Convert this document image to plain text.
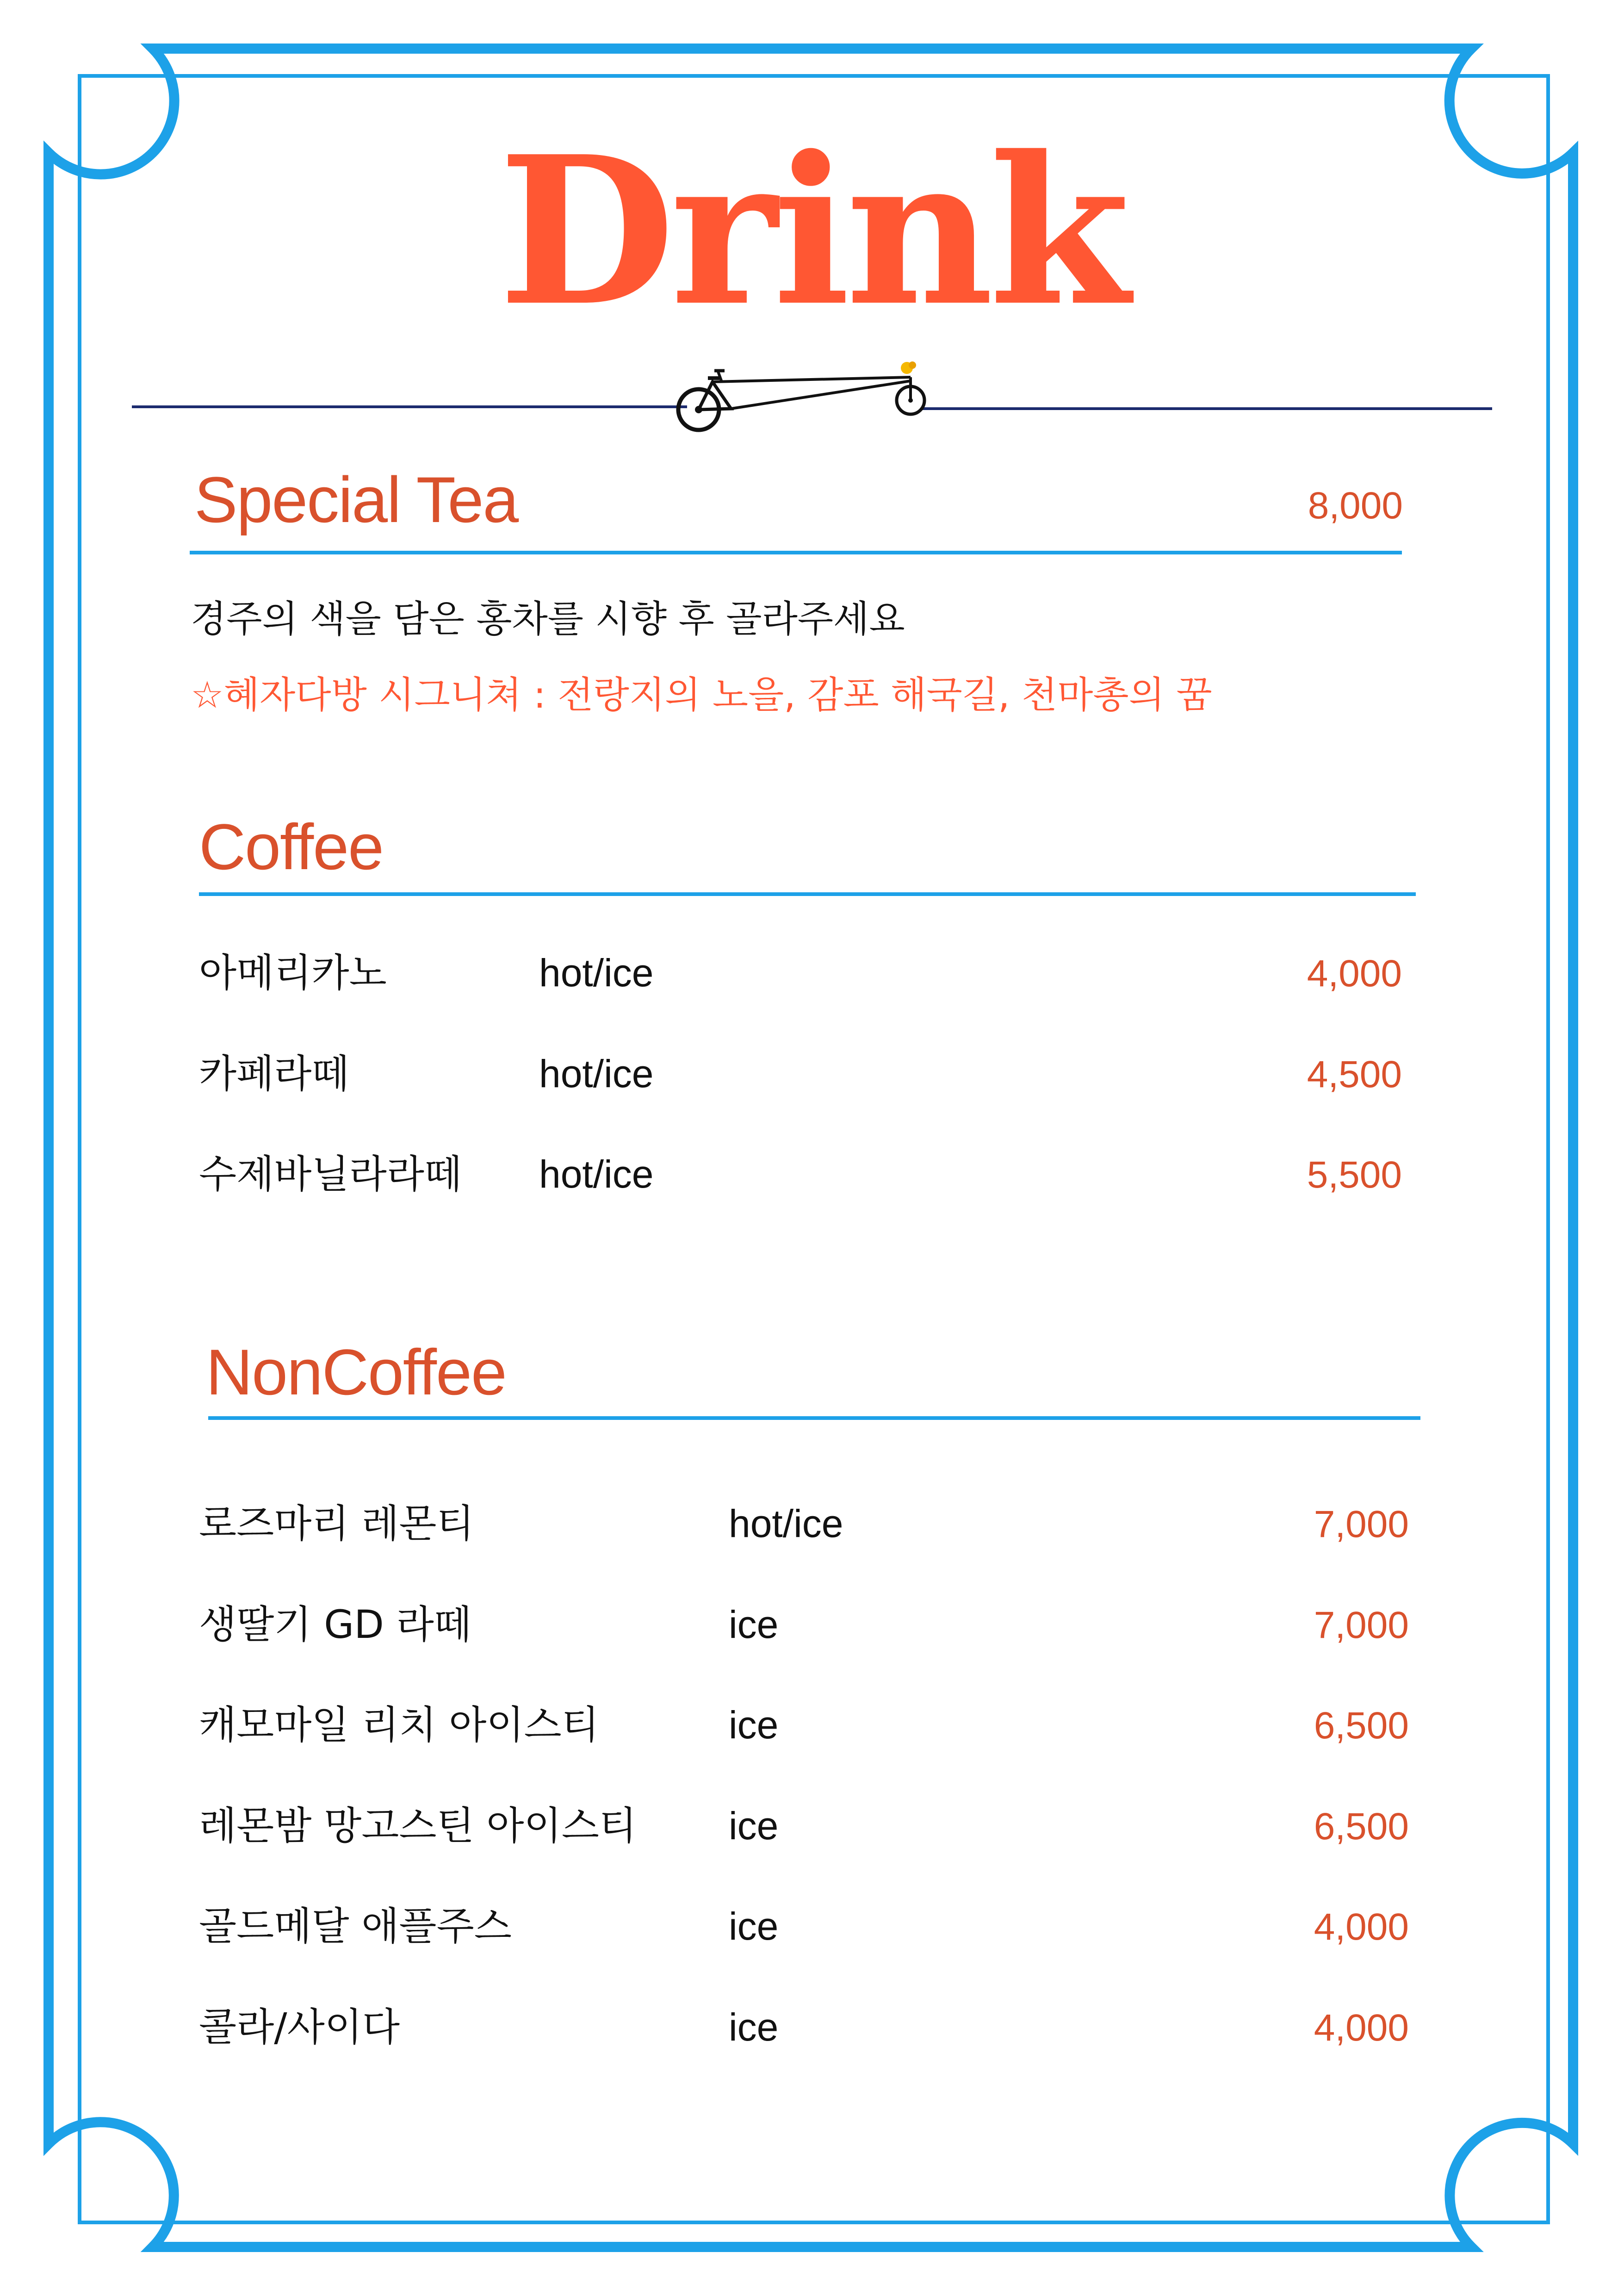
Drink
Special Tea	8,000
경주의 색을 담은 홍차를 시향 후 골라주세요
☆혜자다방 시그니쳐 : 전랑지의 노을, 감포 해국길, 천마총의 꿈
Coffee
아메리카노	hot/ice	4,000
카페라떼	hot/ice	4,500
수제바닐라라떼 hot/ice	5,500
NonCoffee
로즈마리 레몬티	hot/ice	7,000
생딸기 GD 라떼	ice	7,000
캐모마일 리치 아이스티	ice	6,500
레몬밤 망고스틴 아이스티 ice	6,500
골드메달 애플주스	ice	4,000
콜라/사이다	ice	4,000
